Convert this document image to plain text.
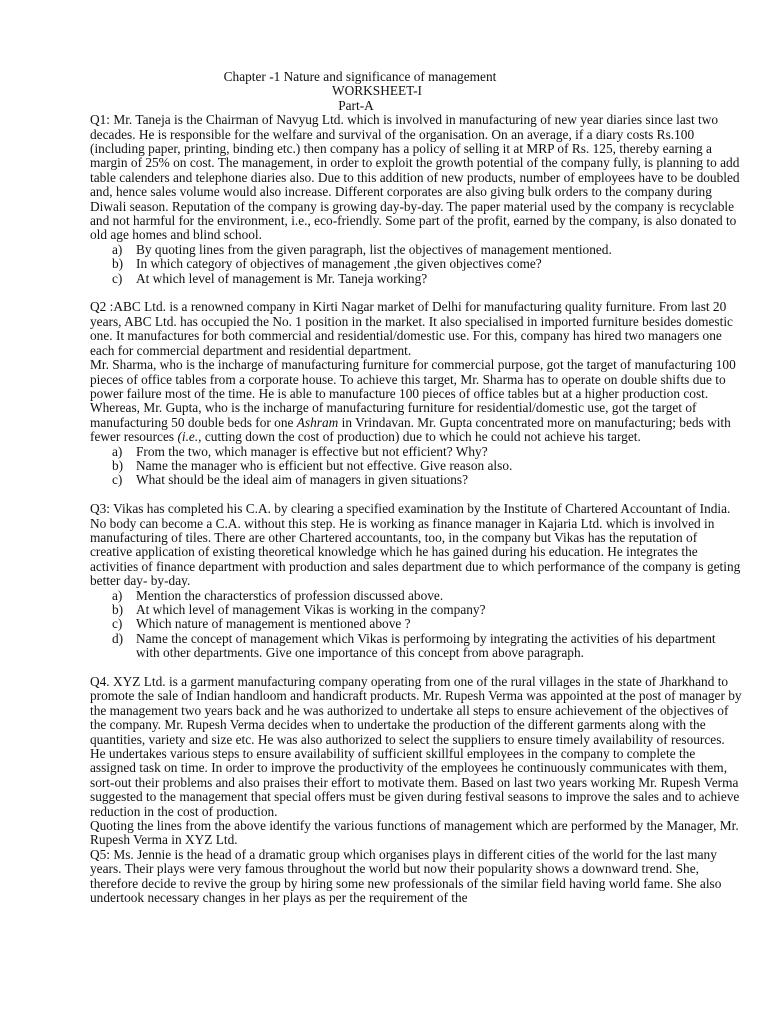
Chapter -1 Nature and significance of management
WORKSHEET-I
Part-A

Q1: Mr. Taneja is the Chairman of Navyug Ltd. which is involved in manufacturing of new year diaries since last two decades. He is responsible for the welfare and survival of the organisation. On an average, if a diary costs Rs.100 (including paper, printing, binding etc.) then company has a policy of selling it at MRP of Rs. 125, thereby earning a margin of 25% on cost. The management, in order to exploit the growth potential of the company fully, is planning to add table calenders and telephone diaries also. Due to this addition of new products, number of employees have to be doubled and, hence sales volume would also increase. Different corporates are also giving bulk orders to the company during Diwali season. Reputation of the company is growing day-by-day. The paper material used by the company is recyclable and not harmful for the environment, i.e., eco-friendly. Some part of the profit, earned by the company, is also donated to old age homes and blind school.

a)	By quoting lines from the given paragraph, list the objectives of management mentioned.
b) In which category of objectives of management ,the given objectives come?
c)	At which level of management is Mr. Taneja working?

Q2 :ABC Ltd. is a renowned company in Kirti Nagar market of Delhi for manufacturing quality furniture. From last 20 years, ABC Ltd. has occupied the No. 1 position in the market. It also specialised in imported furniture besides domestic one. It manufactures for both commercial and residential/domestic use. For this, company has hired two managers one each for commercial department and residential department.

Mr. Sharma, who is the incharge of manufacturing furniture for commercial purpose, got the target of manufacturing 100 pieces of office tables from a corporate house. To achieve this target, Mr. Sharma has to operate on double shifts due to power failure most of the time. He is able to manufacture 100 pieces of office tables but at a higher production cost.

Whereas, Mr. Gupta, who is the incharge of manufacturing furniture for residential/domestic use, got the target of manufacturing 50 double beds for one Ashram in Vrindavan. Mr. Gupta concentrated more on manufacturing; beds with fewer resources (i.e., cutting down the cost of production) due to which he could not achieve his target.

a)	From the two, which manager is effective but not efficient? Why?
b) Name the manager who is efficient but not effective. Give reason also.
c)	What should be the ideal aim of managers in given situations?

Q3: Vikas has completed his C.A. by clearing a specified examination by the Institute of Chartered Accountant of India. No body can become a C.A. without this step. He is working as finance manager in Kajaria Ltd. which is involved in manufacturing of tiles. There are other Chartered accountants, too, in the company but Vikas has the reputation of creative application of existing theoretical knowledge which he has gained during his education. He integrates the activities of finance department with production and sales department due to which performance of the company is geting better day- by-day.

a)	Mention the characterstics of profession discussed above.
b) At which level of management Vikas is working in the company?
c)	Which nature of management is mentioned above ?
d) Name the concept of management which Vikas is performoing by integrating the activities of his department with other departments. Give one importance of this concept from above paragraph.

Q4. XYZ Ltd. is a garment manufacturing company operating from one of the rural villages in the state of Jharkhand to promote the sale of Indian handloom and handicraft products. Mr. Rupesh Verma was appointed at the post of manager by the management two years back and he was authorized to undertake all steps to ensure achievement of the objectives of the company. Mr. Rupesh Verma decides when to undertake the production of the different garments along with the quantities, variety and size etc. He was also authorized to select the suppliers to ensure timely availability of resources. He undertakes various steps to ensure availability of sufficient skillful employees in the company to complete the assigned task on time. In order to improve the productivity of the employees he continuously communicates with them, sort-out their problems and also praises their effort to motivate them. Based on last two years working Mr. Rupesh Verma suggested to the management that special offers must be given during festival seasons to improve the sales and to achieve reduction in the cost of production.

Quoting the lines from the above identify the various functions of management which are performed by the Manager, Mr. Rupesh Verma in XYZ Ltd.

Q5: Ms. Jennie is the head of a dramatic group which organises plays in different cities of the world for the last many years. Their plays were very famous throughout the world but now their popularity shows a downward trend. She, therefore decide to revive the group by hiring some new professionals of the similar field having world fame. She also undertook necessary changes in her plays as per the requirement of the
